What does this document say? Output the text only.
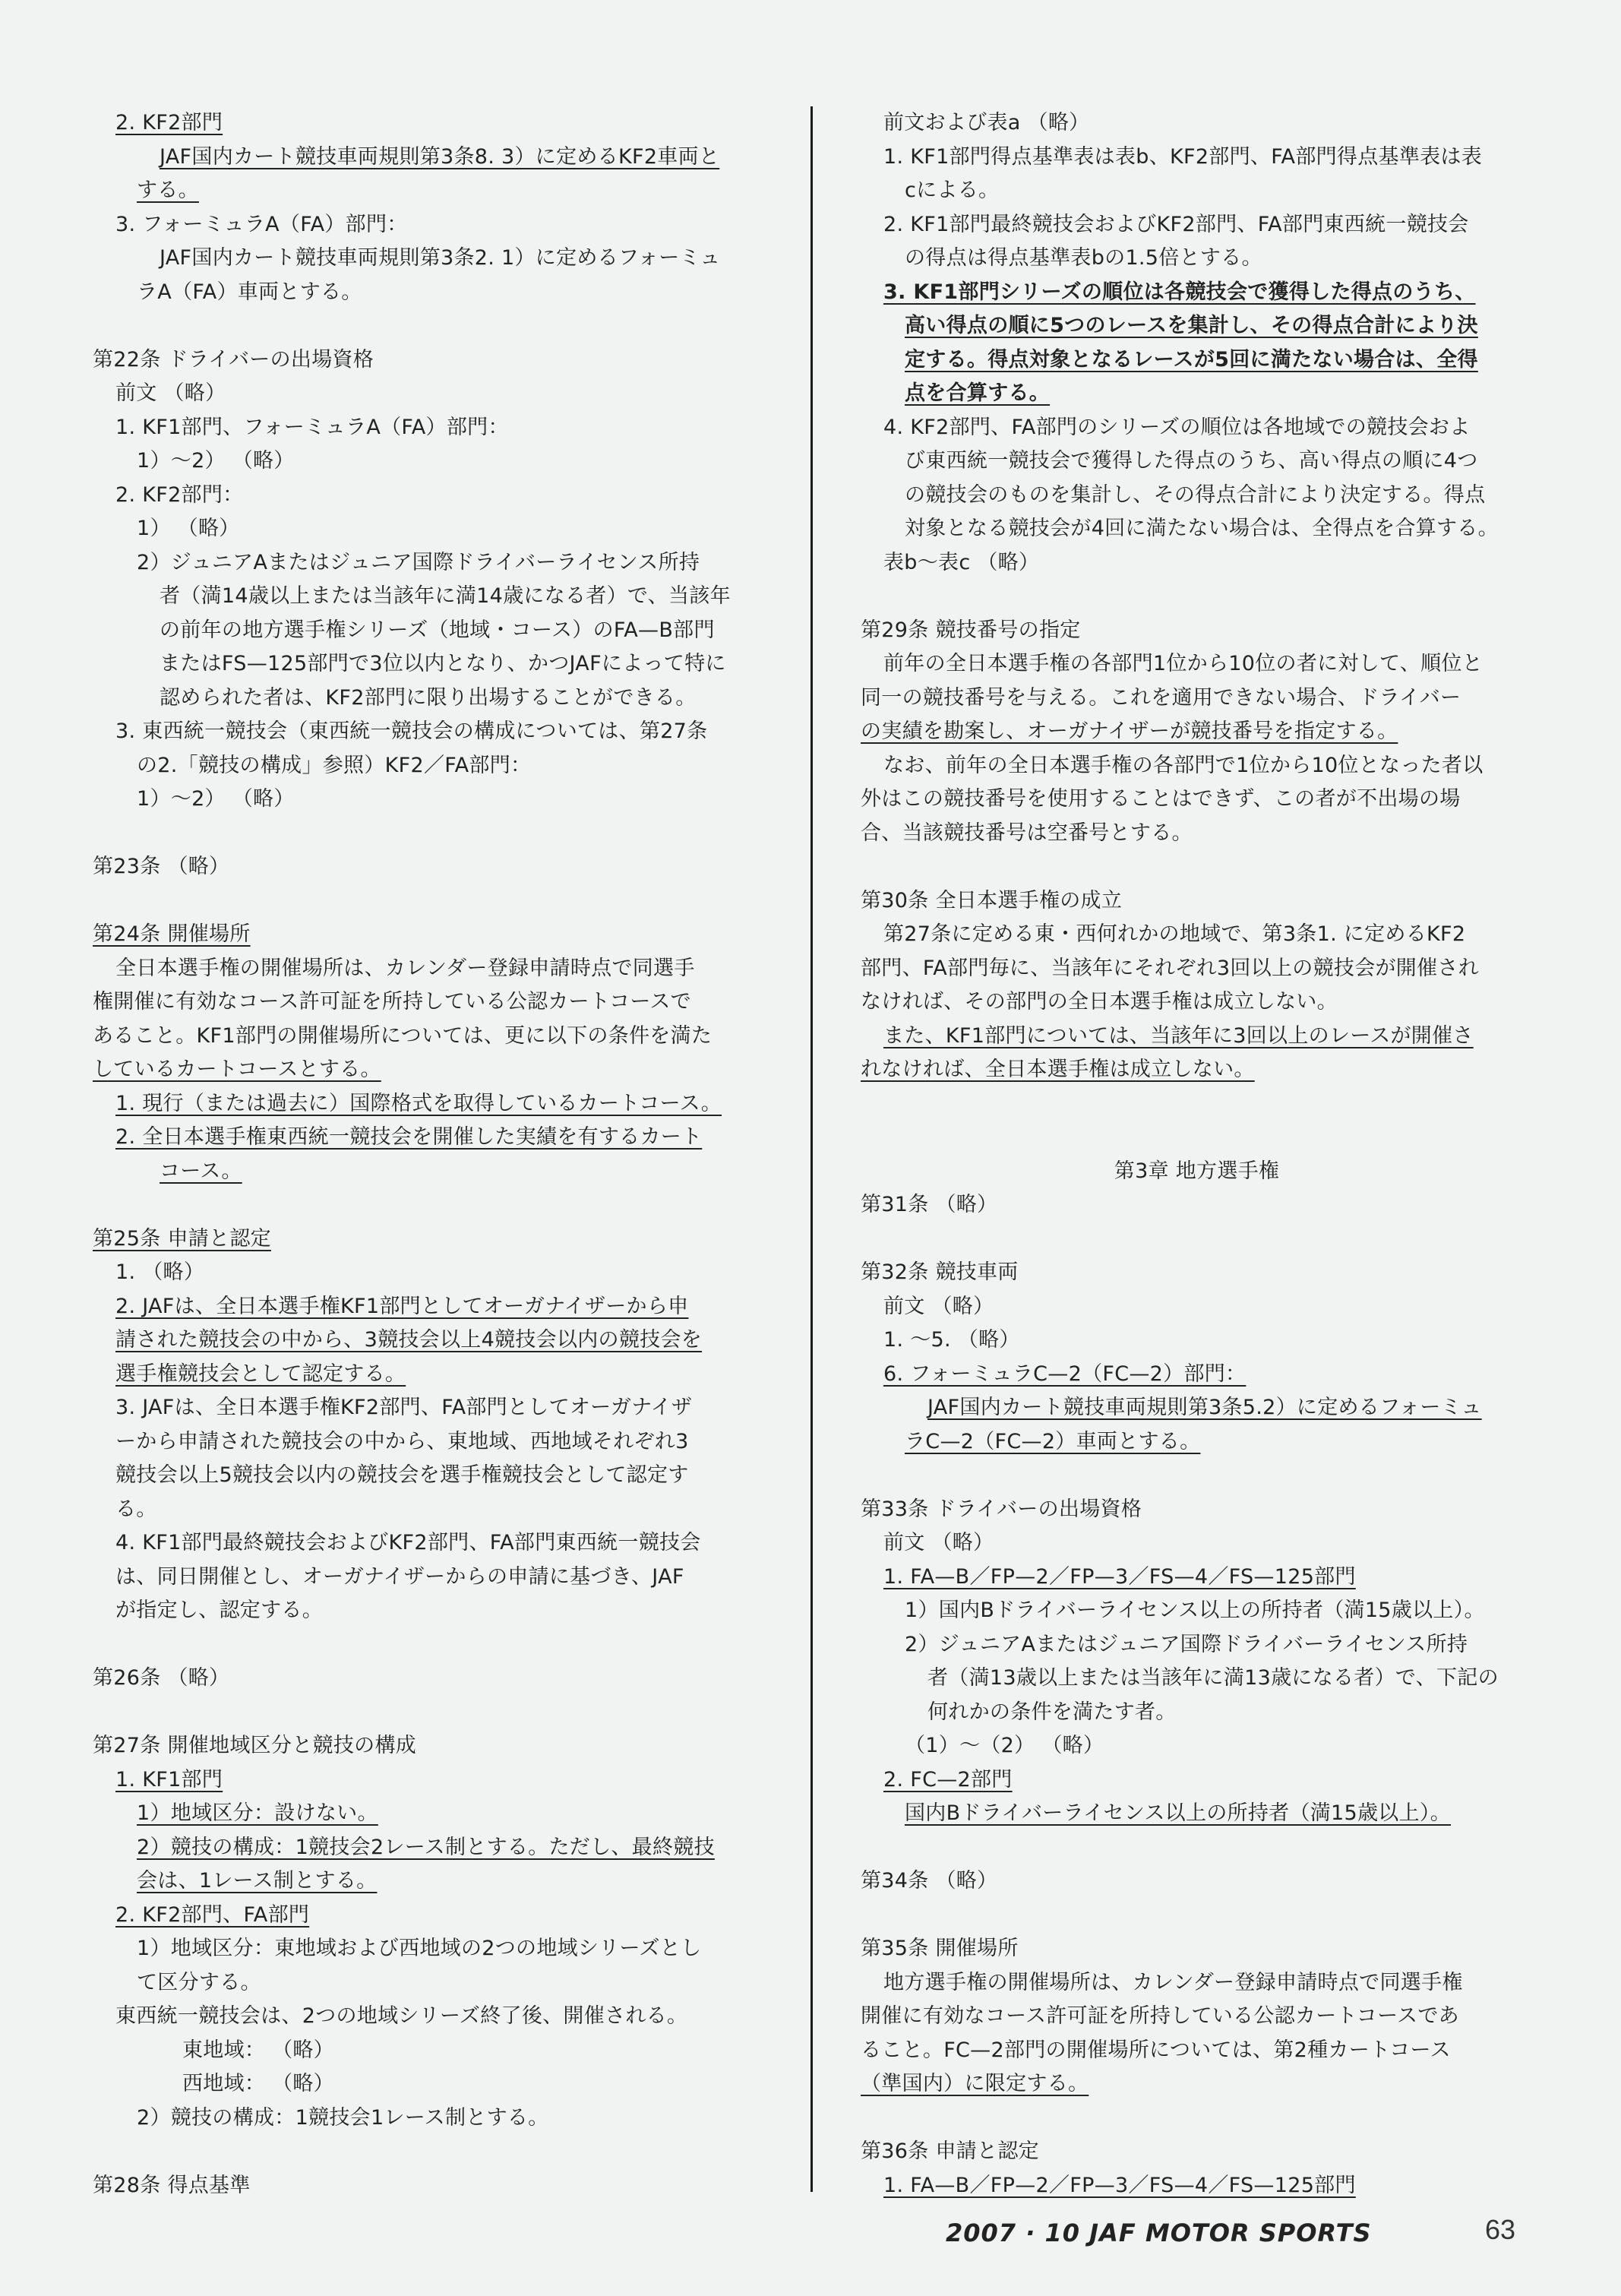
2. KF2部門
JAF国内カート競技車両規則第3条8. 3）に定めるKF2車両と
する。
3. フォーミュラA（FA）部門：
JAF国内カート競技車両規則第3条2. 1）に定めるフォーミュ
ラA（FA）車両とする。
第22条 ドライバーの出場資格
前文 （略）
1. KF1部門、フォーミュラA（FA）部門：
1）〜2） （略）
2. KF2部門：
1） （略）
2）ジュニアAまたはジュニア国際ドライバーライセンス所持
者（満14歳以上または当該年に満14歳になる者）で、当該年
の前年の地方選手権シリーズ（地域・コース）のFA—B部門
またはFS—125部門で3位以内となり、かつJAFによって特に
認められた者は、KF2部門に限り出場することができる。
3. 東西統一競技会（東西統一競技会の構成については、第27条
の2.「競技の構成」参照）KF2／FA部門：
1）〜2） （略）
第23条 （略）
第24条 開催場所
全日本選手権の開催場所は、カレンダー登録申請時点で同選手
権開催に有効なコース許可証を所持している公認カートコースで
あること。KF1部門の開催場所については、更に以下の条件を満た
しているカートコースとする。
1. 現行（または過去に）国際格式を取得しているカートコース。
2. 全日本選手権東西統一競技会を開催した実績を有するカート
コース。
第25条 申請と認定
1. （略）
2. JAFは、全日本選手権KF1部門としてオーガナイザーから申
請された競技会の中から、3競技会以上4競技会以内の競技会を
選手権競技会として認定する。
3. JAFは、全日本選手権KF2部門、FA部門としてオーガナイザ
ーから申請された競技会の中から、東地域、西地域それぞれ3
競技会以上5競技会以内の競技会を選手権競技会として認定す
る。
4. KF1部門最終競技会およびKF2部門、FA部門東西統一競技会
は、同日開催とし、オーガナイザーからの申請に基づき、JAF
が指定し、認定する。
第26条 （略）
第27条 開催地域区分と競技の構成
1. KF1部門
1）地域区分：設けない。
2）競技の構成：1競技会2レース制とする。ただし、最終競技
会は、1レース制とする。
2. KF2部門、FA部門
1）地域区分：東地域および西地域の2つの地域シリーズとし
て区分する。
東西統一競技会は、2つの地域シリーズ終了後、開催される。
東地域： （略）
西地域： （略）
2）競技の構成：1競技会1レース制とする。
第28条 得点基準
前文および表a （略）
1. KF1部門得点基準表は表b、KF2部門、FA部門得点基準表は表
cによる。
2. KF1部門最終競技会およびKF2部門、FA部門東西統一競技会
の得点は得点基準表bの1.5倍とする。
3. KF1部門シリーズの順位は各競技会で獲得した得点のうち、
高い得点の順に5つのレースを集計し、その得点合計により決
定する。得点対象となるレースが5回に満たない場合は、全得
点を合算する。
4. KF2部門、FA部門のシリーズの順位は各地域での競技会およ
び東西統一競技会で獲得した得点のうち、高い得点の順に4つ
の競技会のものを集計し、その得点合計により決定する。得点
対象となる競技会が4回に満たない場合は、全得点を合算する。
表b〜表c （略）
第29条 競技番号の指定
前年の全日本選手権の各部門1位から10位の者に対して、順位と
同一の競技番号を与える。これを適用できない場合、ドライバー
の実績を勘案し、オーガナイザーが競技番号を指定する。
なお、前年の全日本選手権の各部門で1位から10位となった者以
外はこの競技番号を使用することはできず、この者が不出場の場
合、当該競技番号は空番号とする。
第30条 全日本選手権の成立
第27条に定める東・西何れかの地域で、第3条1. に定めるKF2
部門、FA部門毎に、当該年にそれぞれ3回以上の競技会が開催され
なければ、その部門の全日本選手権は成立しない。
また、KF1部門については、当該年に3回以上のレースが開催さ
れなければ、全日本選手権は成立しない。
第3章 地方選手権
第31条 （略）
第32条 競技車両
前文 （略）
1. 〜5. （略）
6. フォーミュラC—2（FC—2）部門：
JAF国内カート競技車両規則第3条5.2）に定めるフォーミュ
ラC—2（FC—2）車両とする。
第33条 ドライバーの出場資格
前文 （略）
1. FA—B／FP—2／FP—3／FS—4／FS—125部門
1）国内Bドライバーライセンス以上の所持者（満15歳以上）。
2）ジュニアAまたはジュニア国際ドライバーライセンス所持
者（満13歳以上または当該年に満13歳になる者）で、下記の
何れかの条件を満たす者。
（1）〜（2） （略）
2. FC—2部門
国内Bドライバーライセンス以上の所持者（満15歳以上）。
第34条 （略）
第35条 開催場所
地方選手権の開催場所は、カレンダー登録申請時点で同選手権
開催に有効なコース許可証を所持している公認カートコースであ
ること。FC—2部門の開催場所については、第2種カートコース
（準国内）に限定する。
第36条 申請と認定
1. FA—B／FP—2／FP—3／FS—4／FS—125部門
2007 · 10 JAF MOTOR SPORTS	63
